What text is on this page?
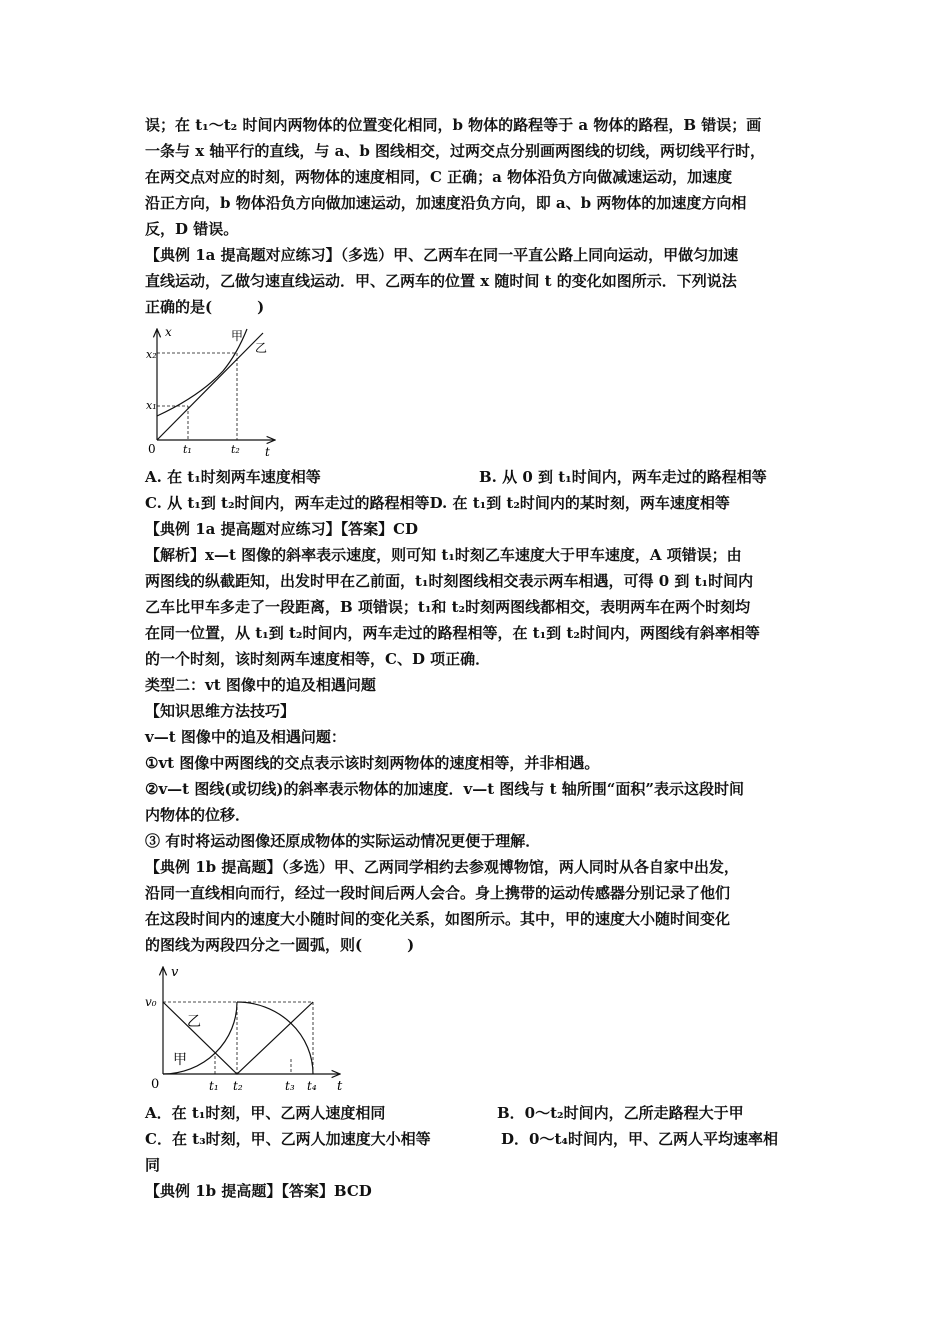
误；在 t₁～t₂ 时间内两物体的位置变化相同，b 物体的路程等于 a 物体的路程，B 错误；画
一条与 x 轴平行的直线，与 a、b 图线相交，过两交点分别画两图线的切线，两切线平行时，
在两交点对应的时刻，两物体的速度相同，C 正确；a 物体沿负方向做减速运动，加速度
沿正方向，b 物体沿负方向做加速运动，加速度沿负方向，即 a、b 两物体的加速度方向相
反，D 错误。
【典例 1a 提高题对应练习】（多选）甲、乙两车在同一平直公路上同向运动，甲做匀加速
直线运动，乙做匀速直线运动．甲、乙两车的位置 x 随时间 t 的变化如图所示．下列说法
正确的是(　　　)
x
t
0
x₂
x₁
t₁	t₂
甲
乙
A. 在 t₁时刻两车速度相等	B. 从 0 到 t₁时间内，两车走过的路程相等
C. 从 t₁到 t₂时间内，两车走过的路程相等D. 在 t₁到 t₂时间内的某时刻，两车速度相等
【典例 1a 提高题对应练习】【答案】CD
【解析】x—t 图像的斜率表示速度，则可知 t₁时刻乙车速度大于甲车速度，A 项错误；由
两图线的纵截距知，出发时甲在乙前面，t₁时刻图线相交表示两车相遇，可得 0 到 t₁时间内
乙车比甲车多走了一段距离，B 项错误；t₁和 t₂时刻两图线都相交，表明两车在两个时刻均
在同一位置，从 t₁到 t₂时间内，两车走过的路程相等，在 t₁到 t₂时间内，两图线有斜率相等
的一个时刻，该时刻两车速度相等，C、D 项正确．
类型二：vt 图像中的追及相遇问题
【知识思维方法技巧】
v—t 图像中的追及相遇问题：
①vt 图像中两图线的交点表示该时刻两物体的速度相等，并非相遇。
②v—t 图线(或切线)的斜率表示物体的加速度．v—t 图线与 t 轴所围“面积”表示这段时间
内物体的位移．
③ 有时将运动图像还原成物体的实际运动情况更便于理解．
【典例 1b 提高题】（多选）甲、乙两同学相约去参观博物馆，两人同时从各自家中出发，
沿同一直线相向而行，经过一段时间后两人会合。身上携带的运动传感器分别记录了他们
在这段时间内的速度大小随时间的变化关系，如图所示。其中，甲的速度大小随时间变化
的图线为两段四分之一圆弧，则(　　　)
v
t
0
v₀
t₁ t₂	t₃ t₄
乙
甲
A．在 t₁时刻，甲、乙两人速度相同	B．0～t₂时间内，乙所走路程大于甲
C．在 t₃时刻，甲、乙两人加速度大小相等	D．0～t₄时间内，甲、乙两人平均速率相
同
【典例 1b 提高题】【答案】BCD
